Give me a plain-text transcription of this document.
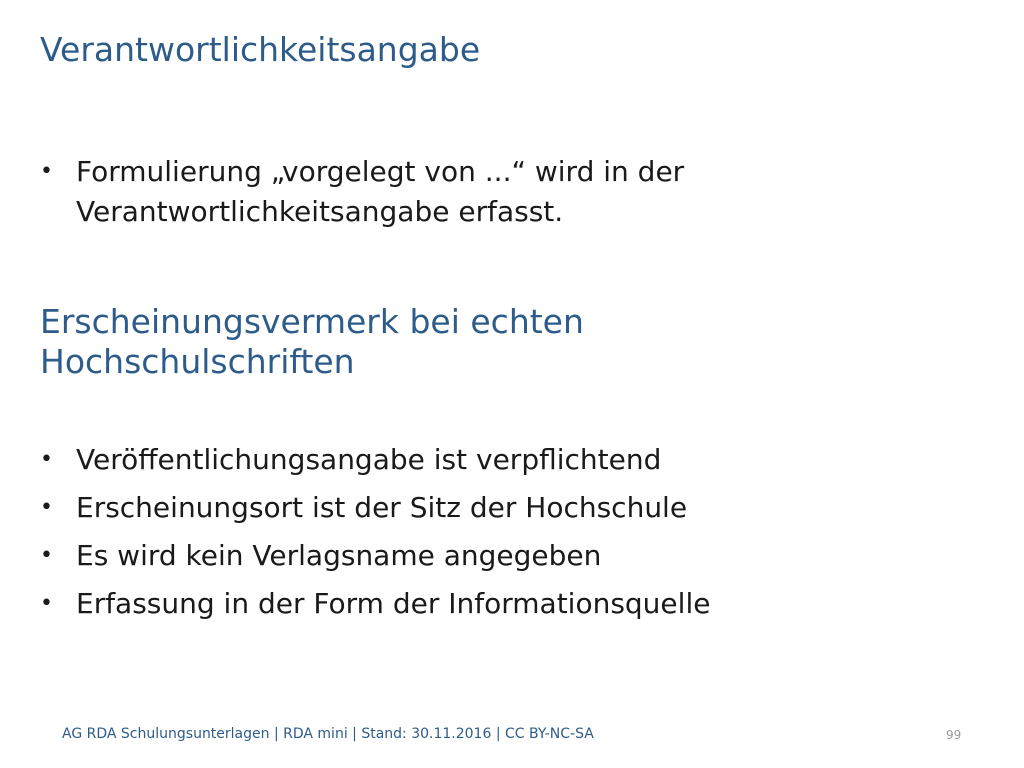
Verantwortlichkeitsangabe
• Formulierung „vorgelegt von ...“ wird in der Verantwortlichkeitsangabe erfasst.
Erscheinungsvermerk bei echten Hochschulschriften
• Veröffentlichungsangabe ist verpflichtend
• Erscheinungsort ist der Sitz der Hochschule
• Es wird kein Verlagsname angegeben
• Erfassung in der Form der Informationsquelle
AG RDA Schulungsunterlagen | RDA mini | Stand: 30.11.2016 | CC BY-NC-SA	99
